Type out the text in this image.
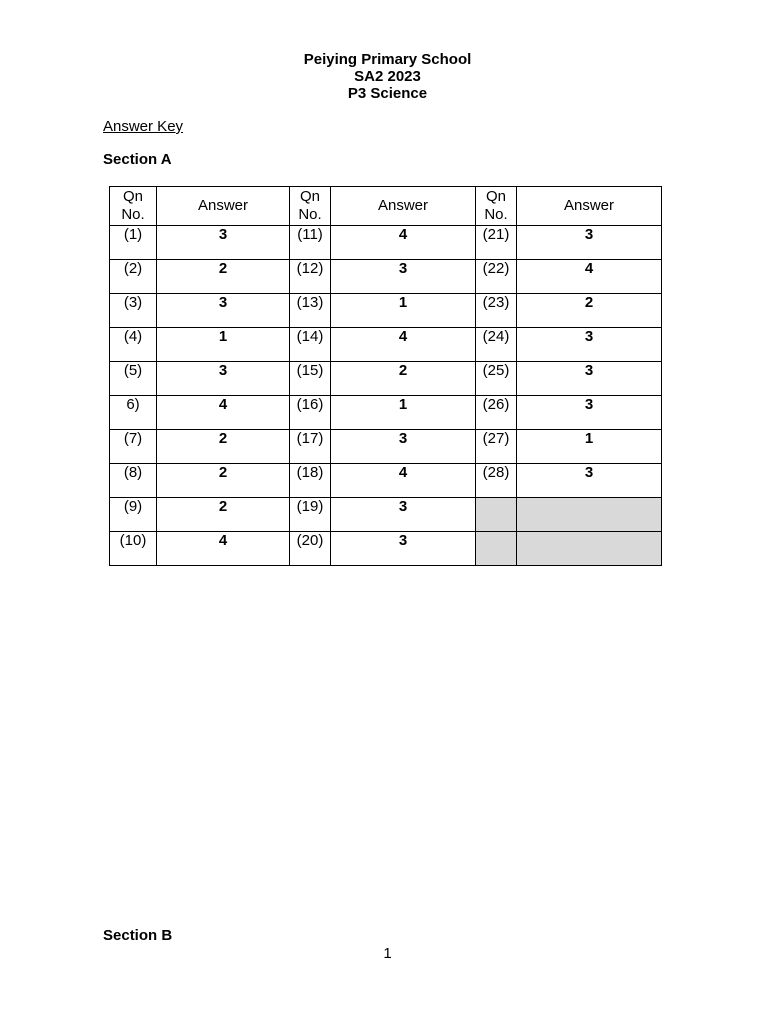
Peiying Primary School
SA2 2023
P3 Science
Answer Key
Section A
Qn
No.	Answer	Qn
No.	Answer	Qn
No.	Answer
(1)	3	(11)	4	(21)	3
(2)	2	(12)	3	(22)	4
(3)	3	(13)	1	(23)	2
(4)	1	(14)	4	(24)	3
(5)	3	(15)	2	(25)	3
6)	4	(16)	1	(26)	3
(7)	2	(17)	3	(27)	1
(8)	2	(18)	4	(28)	3
(9)	2	(19)	3		
(10)	4	(20)	3		
Section B
1
